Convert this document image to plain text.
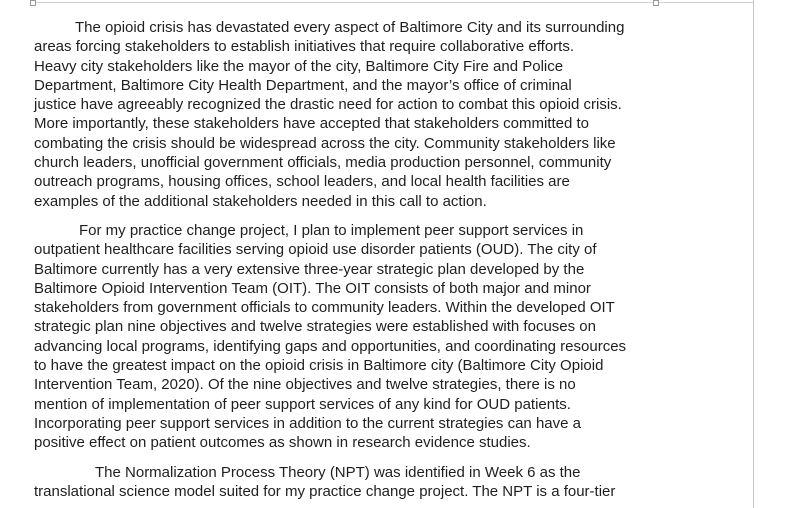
The opioid crisis has devastated every aspect of Baltimore City and its surrounding
areas forcing stakeholders to establish initiatives that require collaborative efforts.
Heavy city stakeholders like the mayor of the city, Baltimore City Fire and Police
Department, Baltimore City Health Department, and the mayor’s office of criminal
justice have agreeably recognized the drastic need for action to combat this opioid crisis.
More importantly, these stakeholders have accepted that stakeholders committed to
combating the crisis should be widespread across the city. Community stakeholders like
church leaders, unofficial government officials, media production personnel, community
outreach programs, housing offices, school leaders, and local health facilities are
examples of the additional stakeholders needed in this call to action.

For my practice change project, I plan to implement peer support services in
outpatient healthcare facilities serving opioid use disorder patients (OUD). The city of
Baltimore currently has a very extensive three-year strategic plan developed by the
Baltimore Opioid Intervention Team (OIT). The OIT consists of both major and minor
stakeholders from government officials to community leaders. Within the developed OIT
strategic plan nine objectives and twelve strategies were established with focuses on
advancing local programs, identifying gaps and opportunities, and coordinating resources
to have the greatest impact on the opioid crisis in Baltimore city (Baltimore City Opioid
Intervention Team, 2020). Of the nine objectives and twelve strategies, there is no
mention of implementation of peer support services of any kind for OUD patients.
Incorporating peer support services in addition to the current strategies can have a
positive effect on patient outcomes as shown in research evidence studies.

The Normalization Process Theory (NPT) was identified in Week 6 as the
translational science model suited for my practice change project. The NPT is a four-tier
